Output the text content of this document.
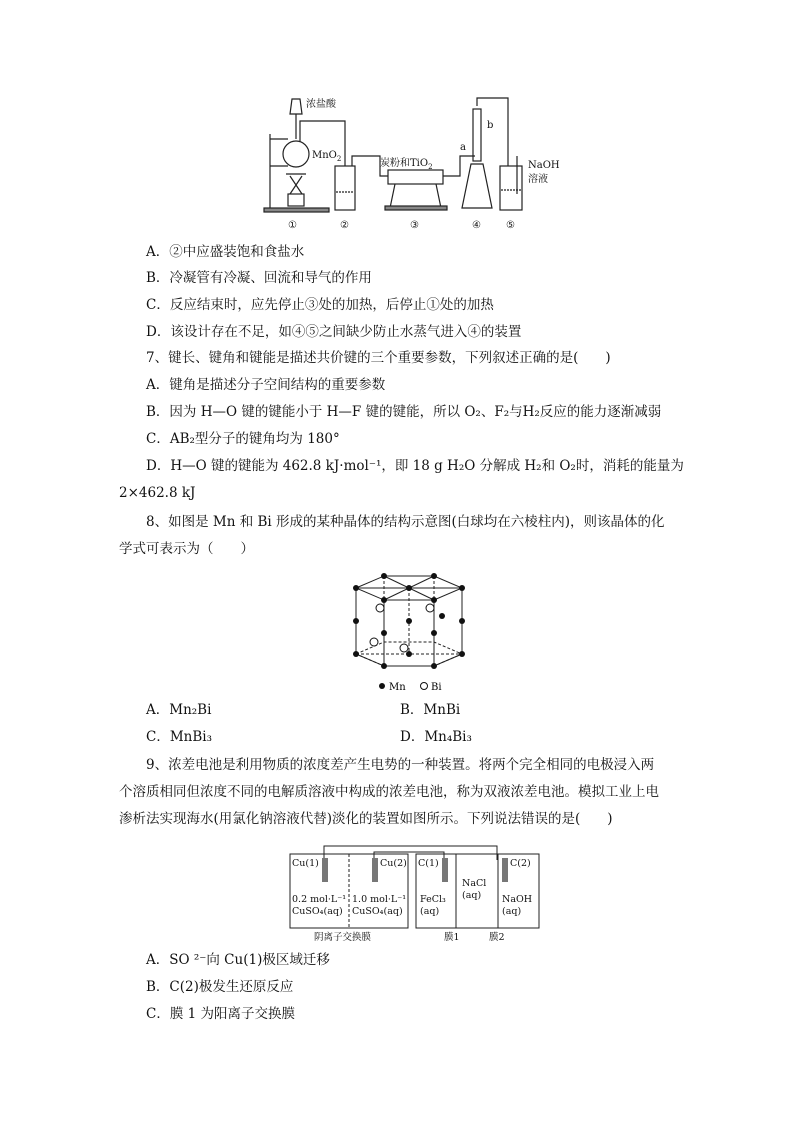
浓盐酸
MnO$_2$	炭粉和TiO$_2$
a
b
NaOH
溶液
①	②	③	④	⑤
A．②中应盛装饱和食盐水
B．冷凝管有冷凝、回流和导气的作用
C．反应结束时，应先停止③处的加热，后停止①处的加热
D．该设计存在不足，如④⑤之间缺少防止水蒸气进入④的装置
7、键长、键角和键能是描述共价键的三个重要参数，下列叙述正确的是(　　)
A．键角是描述分子空间结构的重要参数
B．因为 H—O 键的键能小于 H—F 键的键能，所以 O₂、F₂与H₂反应的能力逐渐减弱
C．AB₂型分子的键角均为 180°
D．H—O 键的键能为 462.8 kJ·mol⁻¹，即 18 g H₂O 分解成 H₂和 O₂时，消耗的能量为
2×462.8 kJ
8、如图是 Mn 和 Bi 形成的某种晶体的结构示意图(白球均在六棱柱内)，则该晶体的化
学式可表示为（　　）
Mn	Bi
A．Mn₂Bi	B．MnBi
C．MnBi₃	D．Mn₄Bi₃
9、浓差电池是利用物质的浓度差产生电势的一种装置。将两个完全相同的电极浸入两
个溶质相同但浓度不同的电解质溶液中构成的浓差电池，称为双液浓差电池。模拟工业上电
渗析法实现海水(用氯化钠溶液代替)淡化的装置如图所示。下列说法错误的是(　　)
Cu(1)	Cu(2) C(1)	C(2)
0.2 mol·L⁻¹
CuSO₄(aq)
1.0 mol·L⁻¹
CuSO₄(aq)
FeCl₃
(aq)
NaCl
(aq) NaOH
(aq)
阴离子交换膜	膜1	膜2
A．SO ²⁻向 Cu(1)极区域迁移
B．C(2)极发生还原反应
C．膜 1 为阳离子交换膜
